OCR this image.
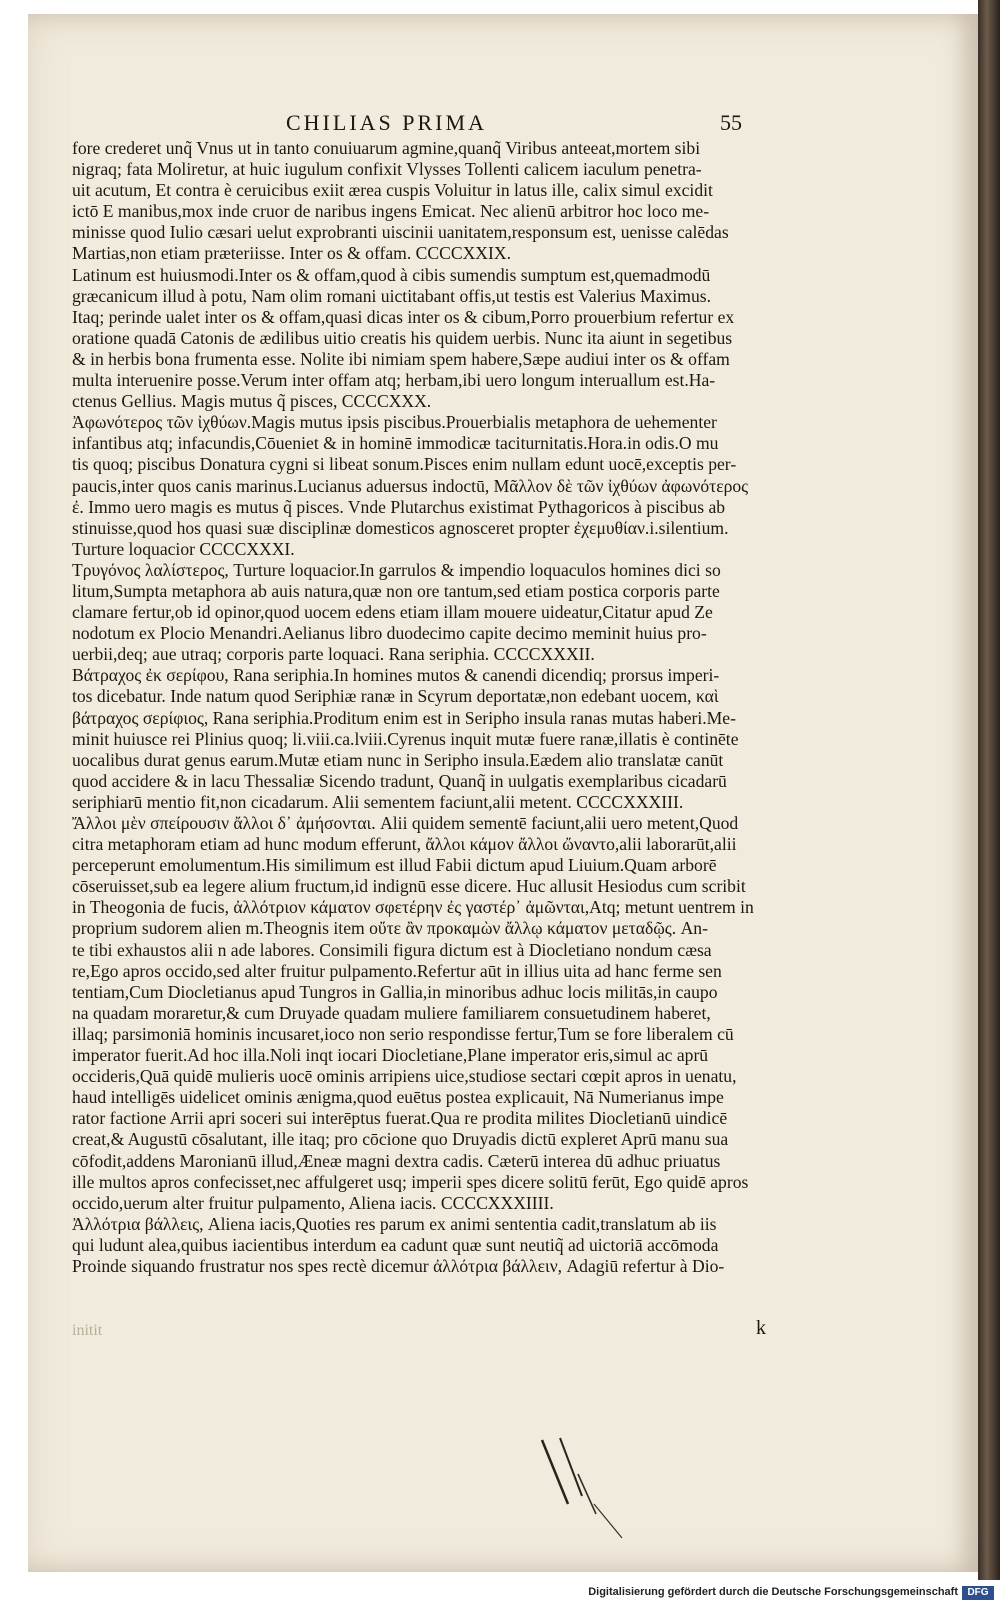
CHILIAS PRIMA	55
fore crederet unq̃ Vnus ut in tanto conuiuarum agmine,quanq̃ Viribus anteeat,mortem sibi
nigraq; fata Moliretur, at huic iugulum confixit Vlysses Tollenti calicem iaculum penetra-
uit acutum, Et contra è ceruicibus exiit ærea cuspis Voluitur in latus ille, calix simul excidit
ictō E manibus,mox inde cruor de naribus ingens Emicat. Nec alienū arbitror hoc loco me-
minisse quod Iulio cæsari uelut exprobranti uiscinii uanitatem,responsum est, uenisse calēdas
Martias,non etiam præteriisse. Inter os & offam. CCCCXXIX.
Latinum est huiusmodi.Inter os & offam,quod à cibis sumendis sumptum est,quemadmodū
græcanicum illud à potu, Nam olim romani uictitabant offis,ut testis est Valerius Maximus.
Itaq; perinde ualet inter os & offam,quasi dicas inter os & cibum,Porro prouerbium refertur ex
oratione quadā Catonis de ædilibus uitio creatis his quidem uerbis. Nunc ita aiunt in segetibus
& in herbis bona frumenta esse. Nolite ibi nimiam spem habere,Sæpe audiui inter os & offam
multa interuenire posse.Verum inter offam atq; herbam,ibi uero longum interuallum est.Ha-
ctenus Gellius. Magis mutus q̃ pisces, CCCCXXX.
Ἀφωνότερος τῶν ἰχθύων.Magis mutus ipsis piscibus.Prouerbialis metaphora de uehementer
infantibus atq; infacundis,Cōueniet & in hominē immodicæ taciturnitatis.Hora.in odis.O mu
tis quoq; piscibus Donatura cygni si libeat sonum.Pisces enim nullam edunt uocē,exceptis per-
paucis,inter quos canis marinus.Lucianus aduersus indoctū, Μᾶλλον δὲ τῶν ἰχθύων ἀφωνότερος
ἐ. Immo uero magis es mutus q̃ pisces. Vnde Plutarchus existimat Pythagoricos à piscibus ab
stinuisse,quod hos quasi suæ disciplinæ domesticos agnosceret propter ἐχεμυθίαν.i.silentium.
Turture loquacior CCCCXXXI.
Τρυγόνος λαλίστερος, Turture loquacior.In garrulos & impendio loquaculos homines dici so
litum,Sumpta metaphora ab auis natura,quæ non ore tantum,sed etiam postica corporis parte
clamare fertur,ob id opinor,quod uocem edens etiam illam mouere uideatur,Citatur apud Ze
nodotum ex Plocio Menandri.Aelianus libro duodecimo capite decimo meminit huius pro-
uerbii,deq; aue utraq; corporis parte loquaci. Rana seriphia. CCCCXXXII.
Βάτραχος ἐκ σερίφου, Rana seriphia.In homines mutos & canendi dicendiq; prorsus imperi-
tos dicebatur. Inde natum quod Seriphiæ ranæ in Scyrum deportatæ,non edebant uocem, καὶ
βάτραχος σερίφιος, Rana seriphia.Proditum enim est in Seripho insula ranas mutas haberi.Me-
minit huiusce rei Plinius quoq; li.viii.ca.lviii.Cyrenus inquit mutæ fuere ranæ,illatis è continēte
uocalibus durat genus earum.Mutæ etiam nunc in Seripho insula.Eædem alio translatæ canūt
quod accidere & in lacu Thessaliæ Sicendo tradunt, Quanq̃ in uulgatis exemplaribus cicadarū
seriphiarū mentio fit,non cicadarum. Alii sementem faciunt,alii metent. CCCCXXXIII.
Ἄλλοι μὲν σπείρουσιν ἄλλοι δ᾽ ἀμήσονται. Alii quidem sementē faciunt,alii uero metent,Quod
citra metaphoram etiam ad hunc modum efferunt, ἄλλοι κάμον ἄλλοι ὤναντο,alii laborarūt,alii
perceperunt emolumentum.His similimum est illud Fabii dictum apud Liuium.Quam arborē
cōseruisset,sub ea legere alium fructum,id indignū esse dicere. Huc allusit Hesiodus cum scribit
in Theogonia de fucis, ἀλλότριον κάματον σφετέρην ἐς γαστέρ᾽ ἀμῶνται,Atq; metunt uentrem in
proprium sudorem alien m.Theognis item οὔτε ἂν προκαμὼν ἄλλῳ κάματον μεταδῷς. An-
te tibi exhaustos alii n ade labores. Consimili figura dictum est à Diocletiano nondum cæsa
re,Ego apros occido,sed alter fruitur pulpamento.Refertur aūt in illius uita ad hanc ferme sen
tentiam,Cum Diocletianus apud Tungros in Gallia,in minoribus adhuc locis militās,in caupo
na quadam moraretur,& cum Druyade quadam muliere familiarem consuetudinem haberet,
illaq; parsimoniā hominis incusaret,ioco non serio respondisse fertur,Tum se fore liberalem cū
imperator fuerit.Ad hoc illa.Noli inqt iocari Diocletiane,Plane imperator eris,simul ac aprū
occideris,Quā quidē mulieris uocē ominis arripiens uice,studiose sectari cœpit apros in uenatu,
haud intelligēs uidelicet ominis ænigma,quod euētus postea explicauit, Nā Numerianus impe
rator factione Arrii apri soceri sui interēptus fuerat.Qua re prodita milites Diocletianū uindicē
creat,& Augustū cōsalutant, ille itaq; pro cōcione quo Druyadis dictū expleret Aprū manu sua
cōfodit,addens Maronianū illud,Æneæ magni dextra cadis. Cæterū interea dū adhuc priuatus
ille multos apros confecisset,nec affulgeret usq; imperii spes dicere solitū ferūt, Ego quidē apros
occido,uerum alter fruitur pulpamento, Aliena iacis. CCCCXXXIIII.
Ἀλλότρια βάλλεις, Aliena iacis,Quoties res parum ex animi sententia cadit,translatum ab iis
qui ludunt alea,quibus iacientibus interdum ea cadunt quæ sunt neutiq̃ ad uictoriā accōmoda
Proinde siquando frustratur nos spes rectè dicemur ἀλλότρια βάλλειν, Adagiū refertur à Dio-
initit	k
Digitalisierung gefördert durch die Deutsche Forschungsgemeinschaft DFG
